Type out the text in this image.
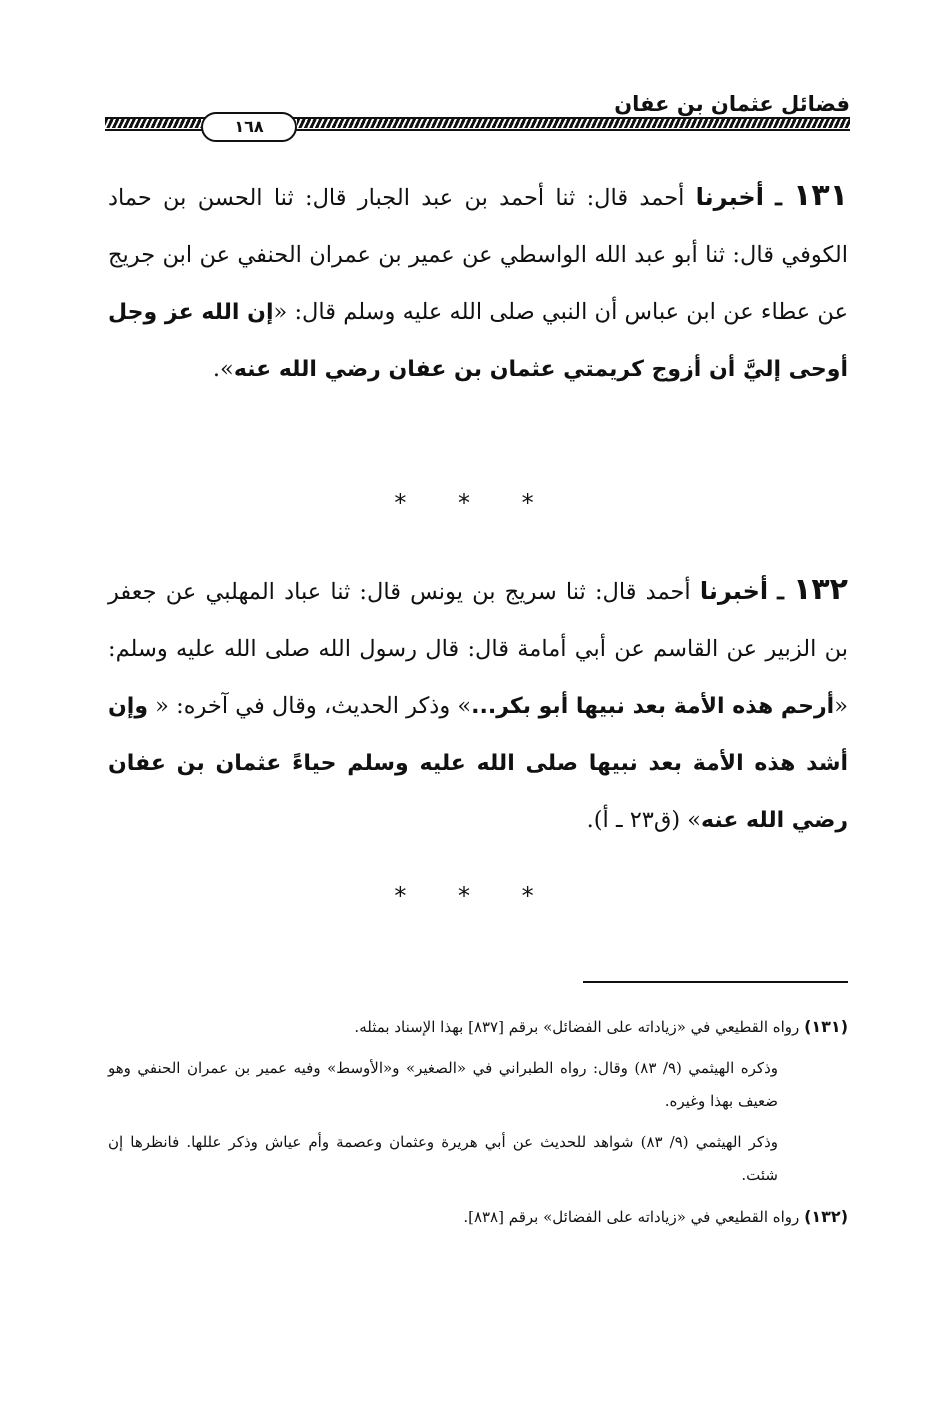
فضائل عثمان بن عفان
١٦٨
١٣١ ـ أخبرنا أحمد قال: ثنا أحمد بن عبد الجبار قال: ثنا الحسن بن حماد الكوفي قال: ثنا أبو عبد الله الواسطي عن عمير بن عمران الحنفي عن ابن جريج عن عطاء عن ابن عباس أن النبي صلى الله عليه وسلم قال: «إن الله عز وجل أوحى إليَّ أن أزوج كريمتي عثمان بن عفان رضي الله عنه».
* * *
١٣٢ ـ أخبرنا أحمد قال: ثنا سريج بن يونس قال: ثنا عباد المهلبي عن جعفر بن الزبير عن القاسم عن أبي أمامة قال: قال رسول الله صلى الله عليه وسلم: «أرحم هذه الأمة بعد نبيها أبو بكر...» وذكر الحديث، وقال في آخره: « وإن أشد هذه الأمة بعد نبيها صلى الله عليه وسلم حياءً عثمان بن عفان رضي الله عنه» (ق٢٣ ـ أ).
* * *

(١٣١) رواه القطيعي في «زياداته على الفضائل» برقم [٨٣٧] بهذا الإسناد بمثله.

وذكره الهيثمي (٩/ ٨٣) وقال: رواه الطبراني في «الصغير» و«الأوسط» وفيه عمير بن عمران الحنفي وهو ضعيف بهذا وغيره.

وذكر الهيثمي (٩/ ٨٣) شواهد للحديث عن أبي هريرة وعثمان وعصمة وأم عياش وذكر عللها. فانظرها إن شئت.

(١٣٢) رواه القطيعي في «زياداته على الفضائل» برقم [٨٣٨].
